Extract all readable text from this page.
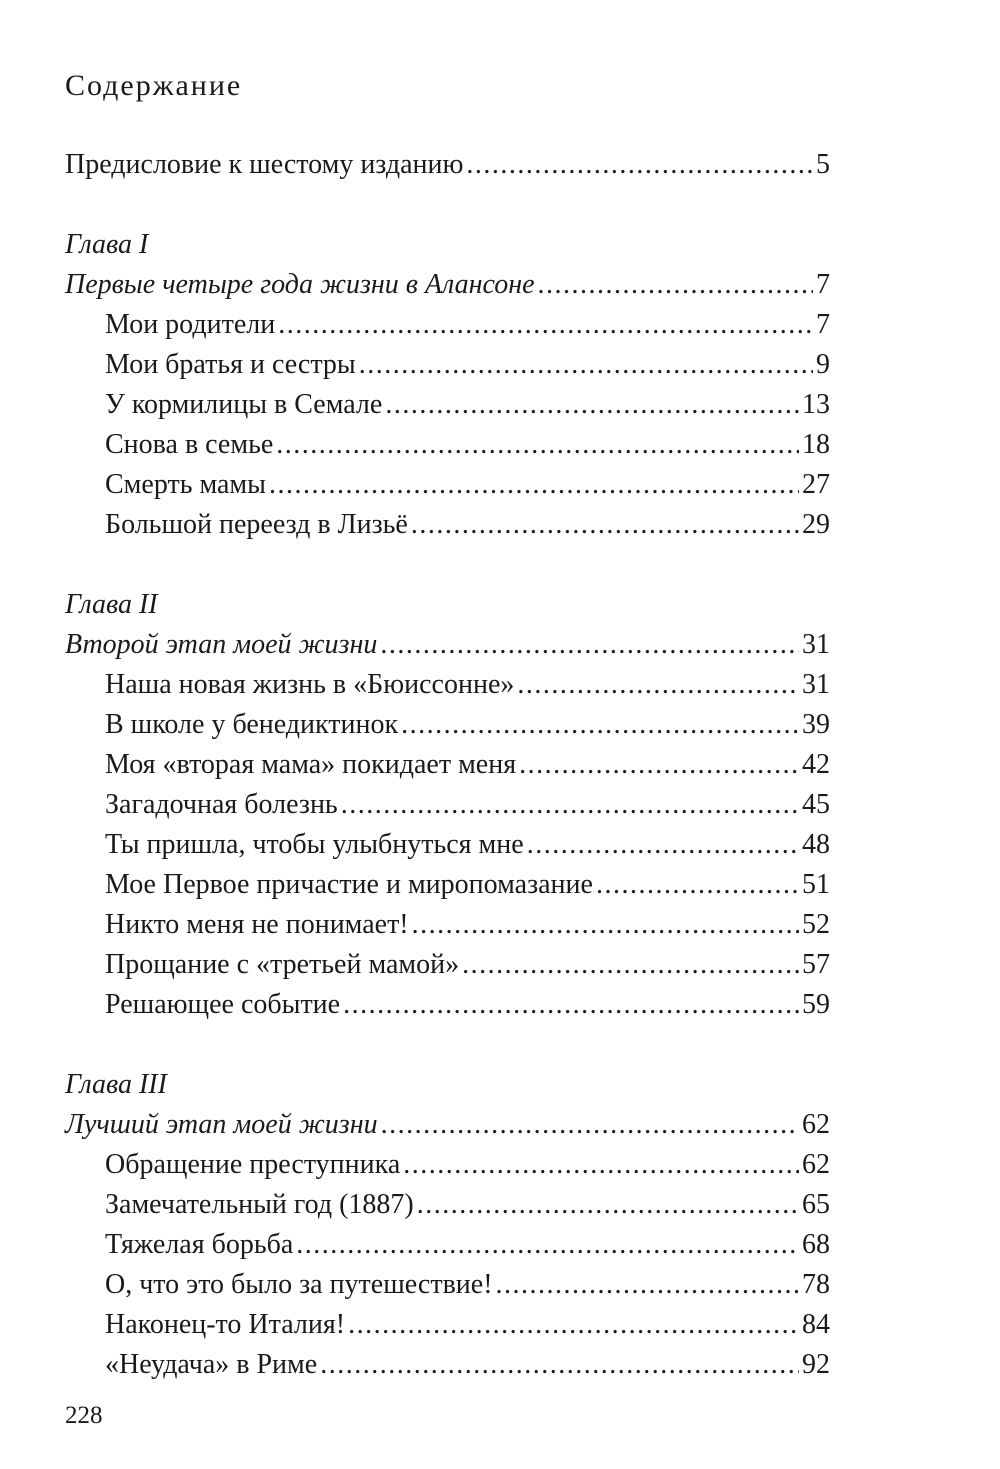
Содержание
Предисловие к шестому изданию .....	5
Глава I
Первые четыре года жизни в Алансоне .....	7
Мои родители .....	7
Мои братья и сестры .....	9
У кормилицы в Семале .....	13
Снова в семье .....	18
Смерть мамы .....	27
Большой переезд в Лизьё .....	29
Глава II
Второй этап моей жизни .....	31
Наша новая жизнь в «Бюиссонне» .....	31
В школе у бенедиктинок .....	39
Моя «вторая мама» покидает меня .....	42
Загадочная болезнь .....	45
Ты пришла, чтобы улыбнуться мне .....	48
Мое Первое причастие и миропомазание .....	51
Никто меня не понимает! .....	52
Прощание с «третьей мамой» .....	57
Решающее событие .....	59
Глава III
Лучший этап моей жизни .....	62
Обращение преступника .....	62
Замечательный год (1887) .....	65
Тяжелая борьба .....	68
О, что это было за путешествие! .....	78
Наконец-то Италия! .....	84
«Неудача» в Риме .....	92
228
